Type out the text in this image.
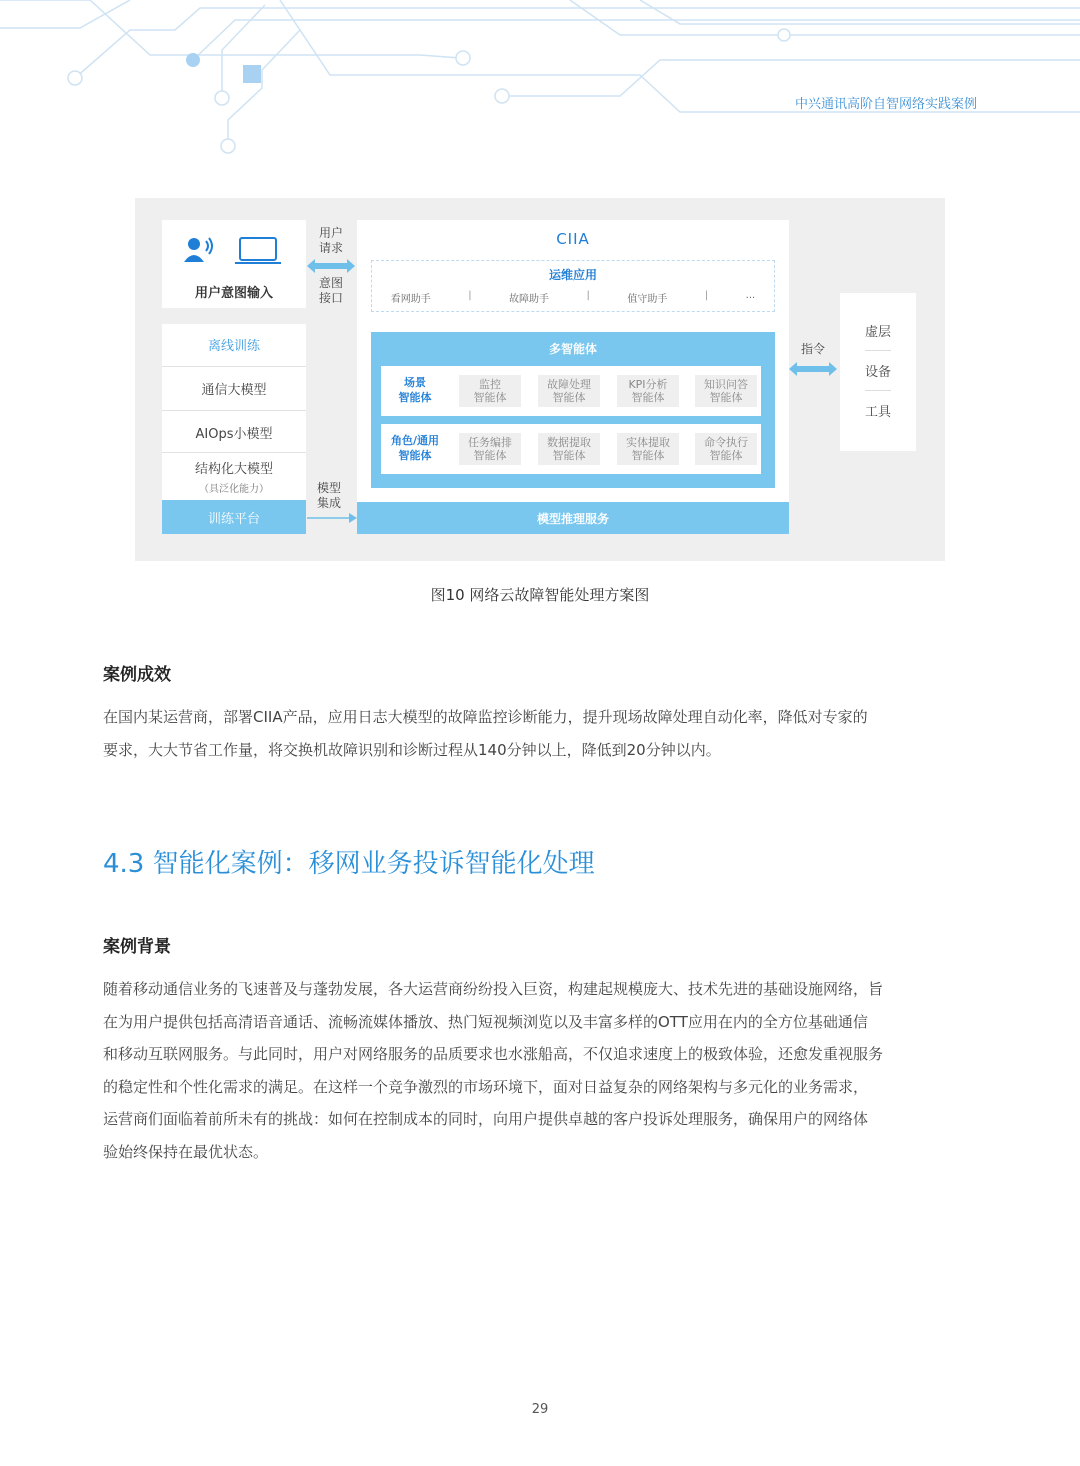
中兴通讯高阶自智网络实践案例
用户意图输入
用户
请求
意图
接口
离线训练
通信大模型
AIOps小模型
结构化大模型
（具泛化能力）
训练平台
模型
集成
CIIA
运维应用
看网助手	|	故障助手	|	值守助手	|	...
多智能体
场景
智能体
监控
智能体
故障处理
智能体
KPI分析
智能体
知识问答
智能体
角色/通用
智能体
任务编排
智能体
数据提取
智能体
实体提取
智能体
命令执行
智能体
模型推理服务
指令
虚层
设备
工具
图10 网络云故障智能处理方案图
案例成效
在国内某运营商，部署CIIA产品，应用日志大模型的故障监控诊断能力，提升现场故障处理自动化率，降低对专家的
要求，大大节省工作量，将交换机故障识别和诊断过程从140分钟以上，降低到20分钟以内。
4.3 智能化案例：移网业务投诉智能化处理
案例背景
随着移动通信业务的飞速普及与蓬勃发展，各大运营商纷纷投入巨资，构建起规模庞大、技术先进的基础设施网络，旨
在为用户提供包括高清语音通话、流畅流媒体播放、热门短视频浏览以及丰富多样的OTT应用在内的全方位基础通信
和移动互联网服务。与此同时，用户对网络服务的品质要求也水涨船高，不仅追求速度上的极致体验，还愈发重视服务
的稳定性和个性化需求的满足。在这样一个竞争激烈的市场环境下，面对日益复杂的网络架构与多元化的业务需求，
运营商们面临着前所未有的挑战：如何在控制成本的同时，向用户提供卓越的客户投诉处理服务，确保用户的网络体
验始终保持在最优状态。
29
